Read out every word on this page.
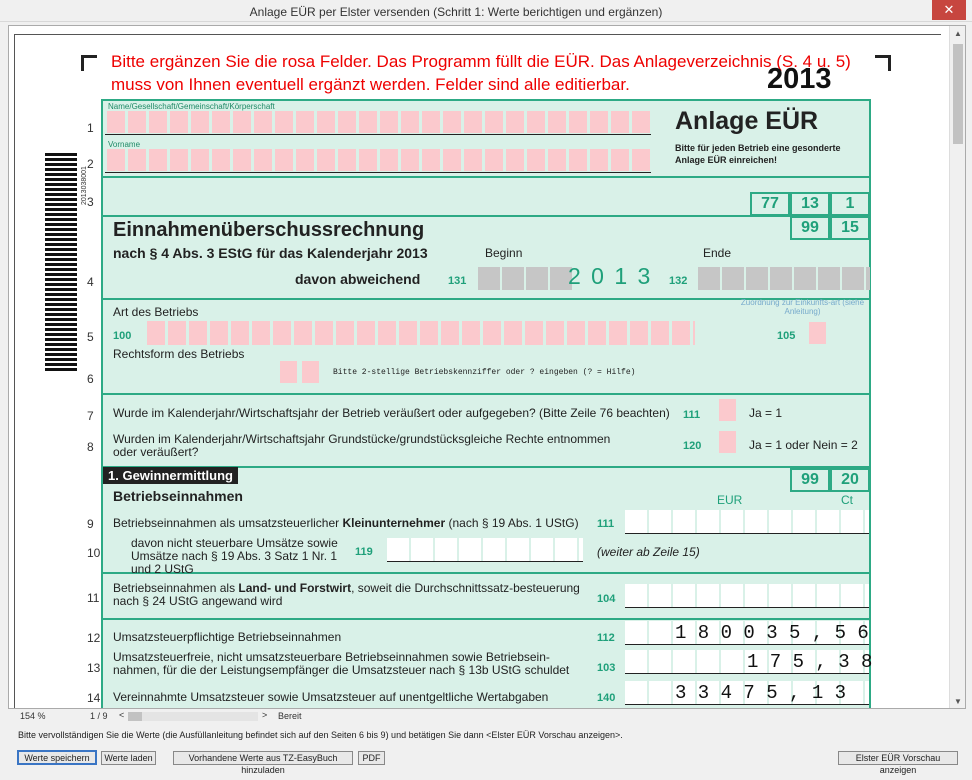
Anlage EÜR per Elster versenden (Schritt 1: Werte berichtigen und ergänzen)	✕
Bitte ergänzen Sie die rosa Felder. Das Programm füllt die EÜR. Das Anlageverzeichnis (S. 4 u. 5) muss von Ihnen eventuell ergänzt werden. Felder sind alle editierbar.	2013
2013038001
1
2
3
4
5
6
7
8
9
10
11
12
13
14
Name/Gesellschaft/Gemeinschaft/Körperschaft
Vorname
Anlage EÜR
Bitte für jeden Betrieb eine gesonderte Anlage EÜR einreichen!
77	13	1
99	15
Einnahmenüberschussrechnung
nach § 4 Abs. 3 EStG für das Kalenderjahr 2013	Beginn	Ende
davon abweichend	131	2 0 1 3 132
Art des Betriebs
100
Zuordnung zur Einkunfts-art (siehe Anleitung)
105
Rechtsform des Betriebs
Bitte 2-stellige Betriebskennziffer oder ? eingeben (? = Hilfe)
Wurde im Kalenderjahr/Wirtschaftsjahr der Betrieb veräußert oder aufgegeben? (Bitte Zeile 76 beachten) 111	Ja = 1
Wurden im Kalenderjahr/Wirtschaftsjahr Grundstücke/grundstücksgleiche Rechte entnommen oder veräußert?	120	Ja = 1 oder Nein = 2
1. Gewinnermittlung	99	20
Betriebseinnahmen	EUR	Ct
Betriebseinnahmen als umsatzsteuerlicher Kleinunternehmer (nach § 19 Abs. 1 UStG) 111
davon nicht steuerbare Umsätze sowie Umsätze nach § 19 Abs. 3 Satz 1 Nr. 1 und 2 UStG
119	(weiter ab Zeile 15)
Betriebseinnahmen als Land- und Forstwirt, soweit die Durchschnittssatz-besteuerung nach § 24 UStG angewand wird	104
Umsatzsteuerpflichtige Betriebseinnahmen	112	1 8 0 0 3 5 , 5 6
Umsatzsteuerfreie, nicht umsatzsteuerbare Betriebseinnahmen sowie Betriebsein-nahmen, für die der Leistungsempfänger die Umsatzsteuer nach § 13b UStG schuldet	103	1 7 5 , 3 8
Vereinnahmte Umsatzsteuer sowie Umsatzsteuer auf unentgeltliche Wertabgaben	140	3 3 4 7 5 , 1 3
▲
▼
154 %	1 / 9 <	> Bereit
Bitte vervollständigen Sie die Werte (die Ausfüllanleitung befindet sich auf den Seiten 6 bis 9) und betätigen Sie dann <Elster EÜR Vorschau anzeigen>.
Werte speichern	Werte laden	Vorhandene Werte aus TZ-EasyBuch hinzuladen
PDF	Elster EÜR Vorschau anzeigen
